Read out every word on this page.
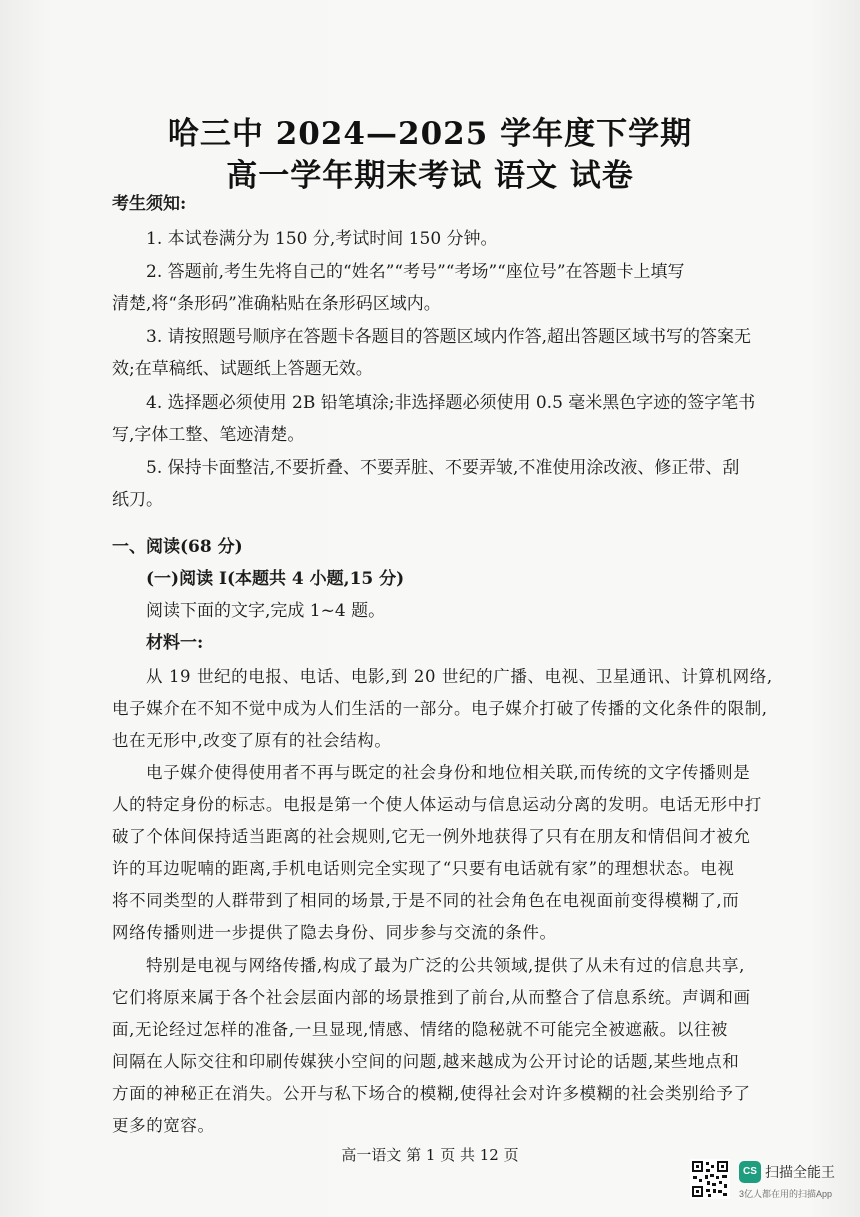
哈三中 2024—2025 学年度下学期
高一学年期末考试 语文 试卷
考生须知:
1. 本试卷满分为 150 分,考试时间 150 分钟。
2. 答题前,考生先将自己的“姓名”“考号”“考场”“座位号”在答题卡上填写
清楚,将“条形码”准确粘贴在条形码区域内。
3. 请按照题号顺序在答题卡各题目的答题区域内作答,超出答题区域书写的答案无
效;在草稿纸、试题纸上答题无效。
4. 选择题必须使用 2B 铅笔填涂;非选择题必须使用 0.5 毫米黑色字迹的签字笔书
写,字体工整、笔迹清楚。
5. 保持卡面整洁,不要折叠、不要弄脏、不要弄皱,不准使用涂改液、修正带、刮
纸刀。
一、阅读(68 分)
(一)阅读 I(本题共 4 小题,15 分)
阅读下面的文字,完成 1~4 题。
材料一:
从 19 世纪的电报、电话、电影,到 20 世纪的广播、电视、卫星通讯、计算机网络,
电子媒介在不知不觉中成为人们生活的一部分。电子媒介打破了传播的文化条件的限制,
也在无形中,改变了原有的社会结构。
电子媒介使得使用者不再与既定的社会身份和地位相关联,而传统的文字传播则是
人的特定身份的标志。电报是第一个使人体运动与信息运动分离的发明。电话无形中打
破了个体间保持适当距离的社会规则,它无一例外地获得了只有在朋友和情侣间才被允
许的耳边呢喃的距离,手机电话则完全实现了“只要有电话就有家”的理想状态。电视
将不同类型的人群带到了相同的场景,于是不同的社会角色在电视面前变得模糊了,而
网络传播则进一步提供了隐去身份、同步参与交流的条件。
特别是电视与网络传播,构成了最为广泛的公共领域,提供了从未有过的信息共享,
它们将原来属于各个社会层面内部的场景推到了前台,从而整合了信息系统。声调和画
面,无论经过怎样的准备,一旦显现,情感、情绪的隐秘就不可能完全被遮蔽。以往被
间隔在人际交往和印刷传媒狭小空间的问题,越来越成为公开讨论的话题,某些地点和
方面的神秘正在消失。公开与私下场合的模糊,使得社会对许多模糊的社会类别给予了
更多的宽容。
高一语文 第 1 页 共 12 页
CS 扫描全能王
3亿人都在用的扫描App
